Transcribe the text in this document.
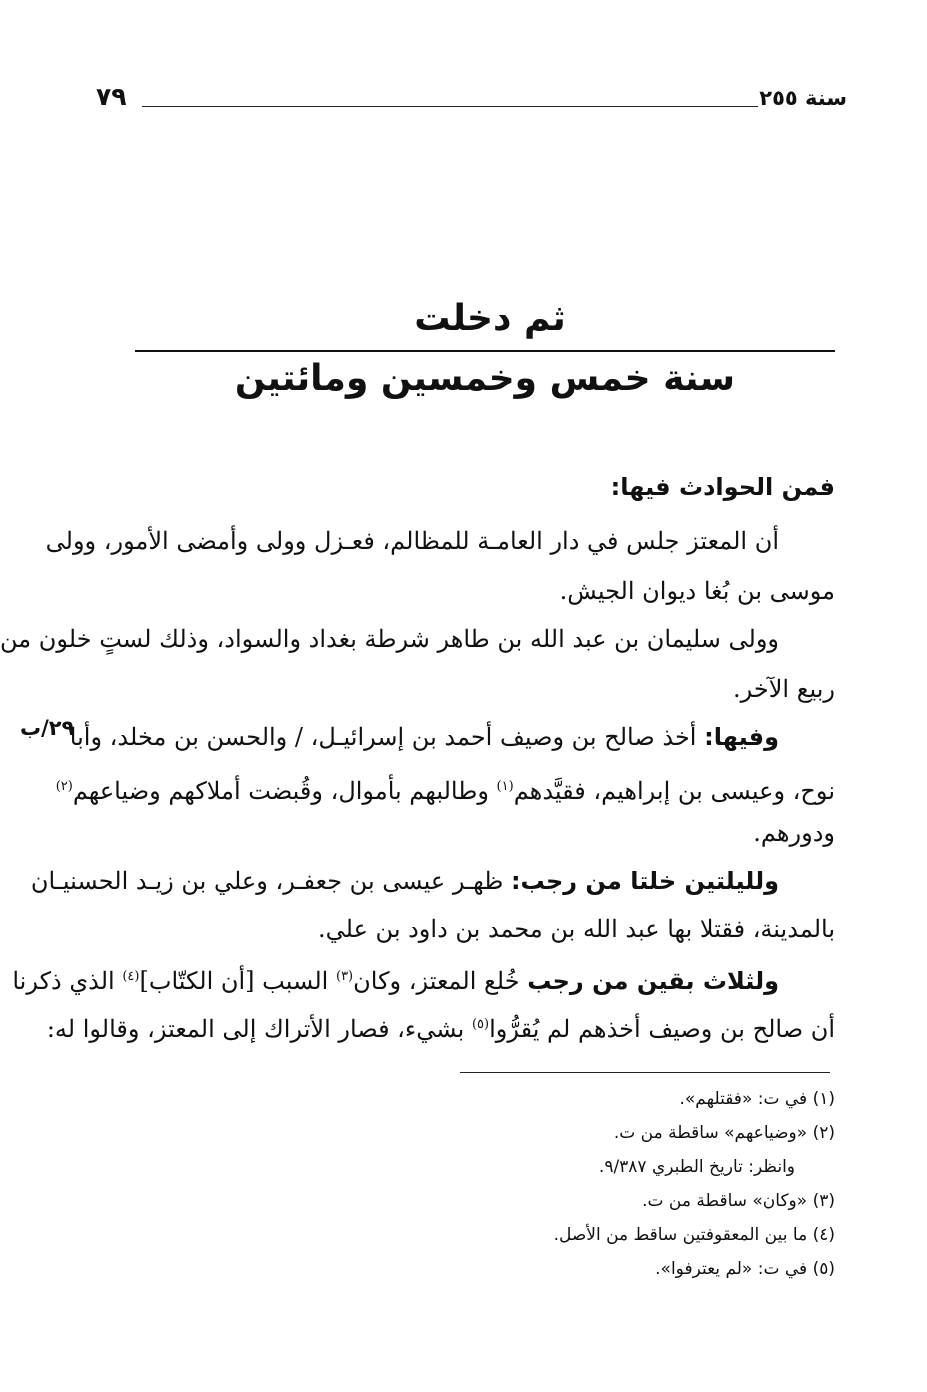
سنة ٢٥٥
٧٩
ثم دخلت
سنة خمس وخمسين ومائتين
فمن الحوادث فيها:
أن المعتز جلس في دار العامـة للمظالم، فعـزل وولى وأمضى الأمور، وولى
موسى بن بُغا ديوان الجيش.
وولى سليمان بن عبد الله بن طاهر شرطة بغداد والسواد، وذلك لستٍ خلون من
ربيع الآخر.
٢٩/ب	وفيها: أخذ صالح بن وصيف أحمد بن إسرائيـل، / والحسن بن مخلد، وأبا
نوح، وعيسى بن إبراهيم، فقيَّدهم$^{(١)}$ وطالبهم بأموال، وقُبضت أملاكهم وضياعهم$^{(٢)}$
ودورهم.
ولليلتين خلتا من رجب: ظهـر عيسى بن جعفـر، وعلي بن زيـد الحسنيـان
بالمدينة، فقتلا بها عبد الله بن محمد بن داود بن علي.
ولثلاث بقين من رجب خُلع المعتز، وكان$^{(٣)}$ السبب [أن الكتّاب]$^{(٤)}$ الذي ذكرنا
أن صالح بن وصيف أخذهم لم يُقرُّوا$^{(٥)}$ بشيء، فصار الأتراك إلى المعتز، وقالوا له:
(١) في ت: «فقتلهم».
(٢) «وضياعهم» ساقطة من ت.
وانظر: تاريخ الطبري ٩/٣٨٧.
(٣) «وكان» ساقطة من ت.
(٤) ما بين المعقوفتين ساقط من الأصل.
(٥) في ت: «لم يعترفوا».
